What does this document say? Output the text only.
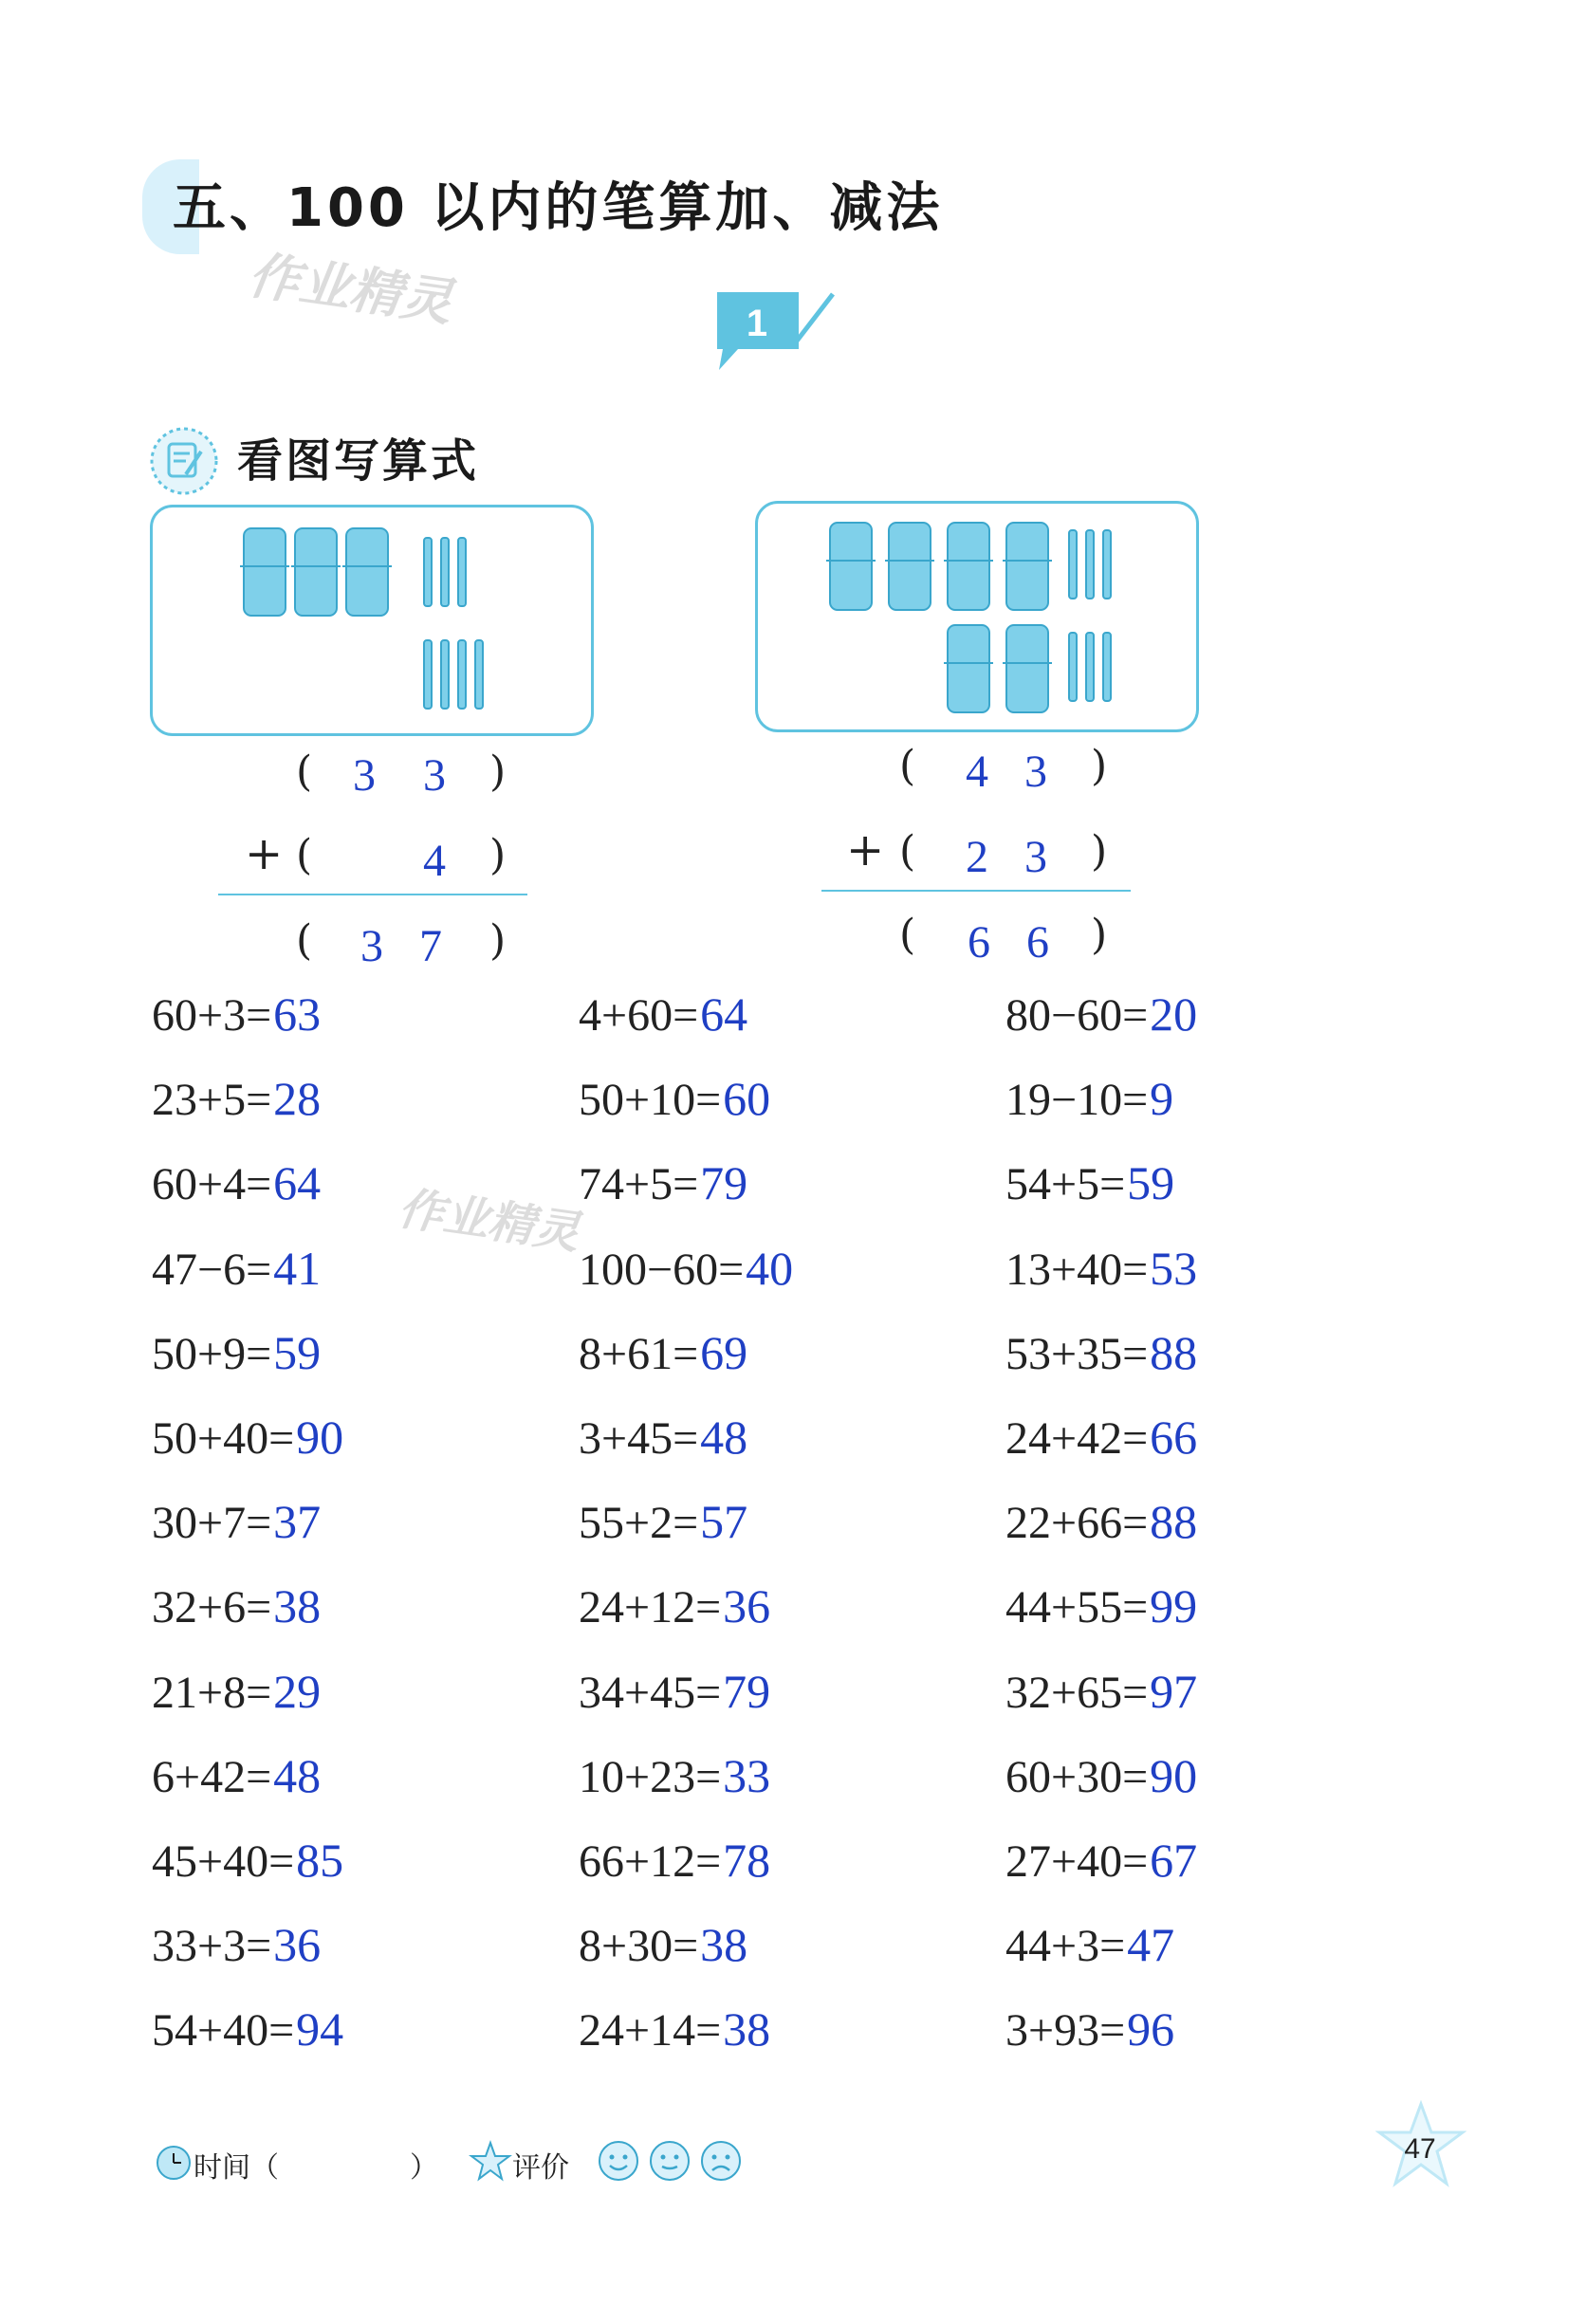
五、100 以内的笔算加、减法
作业精灵
作业精灵
1
看图写算式
( 3	3	)
+ (	4	)
(	3 7	)
(	4 3	)
+ (	2 3	)
(	6 6	)
60+3=63
23+5=28
60+4=64
47−6=41
50+9=59
50+40=90
30+7=37
32+6=38
21+8=29
6+42=48
45+40=85
33+3=36
54+40=94
4+60=64
50+10=60
74+5=79
100−60=40
8+61=69
3+45=48
55+2=57
24+12=36
34+45=79
10+23=33
66+12=78
8+30=38
24+14=38
80−60=20
19−10=9
54+5=59
13+40=53
53+35=88
24+42=66
22+66=88
44+55=99
32+65=97
60+30=90
27+40=67
44+3=47
3+93=96
时间（	）	评价
47
